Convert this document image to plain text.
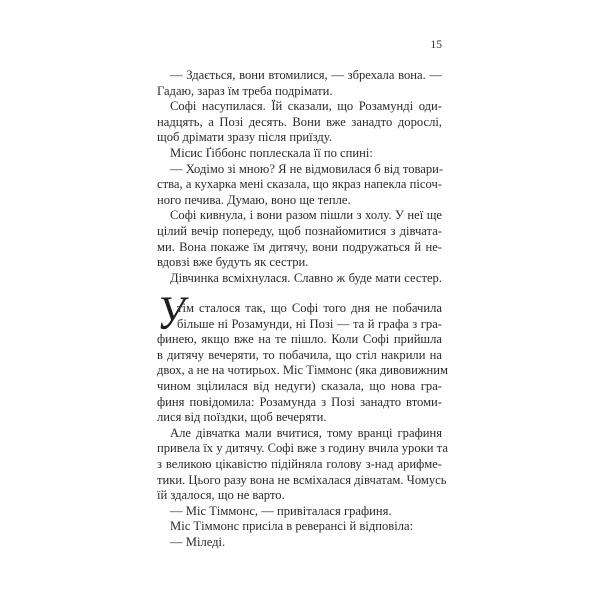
15
У
— Здається, вони втомилися, — збрехала вона. —
Гадаю, зараз їм треба подрімати.
Софі насупилася. Їй сказали, що Розамунді оди-
надцять, а Позі десять. Вони вже занадто дорослі,
щоб дрімати зразу після приїзду.
Місис Ґіббонс поплескала її по спині:
— Ходімо зі мною? Я не відмовилася б від товари-
ства, а кухарка мені сказала, що якраз напекла пісоч-
ного печива. Думаю, воно ще тепле.
Софі кивнула, і вони разом пішли з холу. У неї ще
цілий вечір попереду, щоб познайомитися з дівчата-
ми. Вона покаже їм дитячу, вони подружаться й не-
вдовзі вже будуть як сестри.
Дівчинка всміхнулася. Славно ж буде мати сестер.
тім сталося так, що Софі того дня не побачила
більше ні Розамунди, ні Позі — та й графа з гра-
финею, якщо вже на те пішло. Коли Софі прийшла
в дитячу вечеряти, то побачила, що стіл накрили на
двох, а не на чотирьох. Міс Тіммонс (яка дивовижним
чином зцілилася від недуги) сказала, що нова гра-
финя повідомила: Розамунда з Позі занадто втоми-
лися від поїздки, щоб вечеряти.
Але дівчатка мали вчитися, тому вранці графиня
привела їх у дитячу. Софі вже з годину вчила уроки та
з великою цікавістю підійняла голову з-над арифме-
тики. Цього разу вона не всміхалася дівчатам. Чомусь
їй здалося, що не варто.
— Міс Тіммонс, — привіталася графиня.
Міс Тіммонс присіла в реверансі й відповіла:
— Міледі.
